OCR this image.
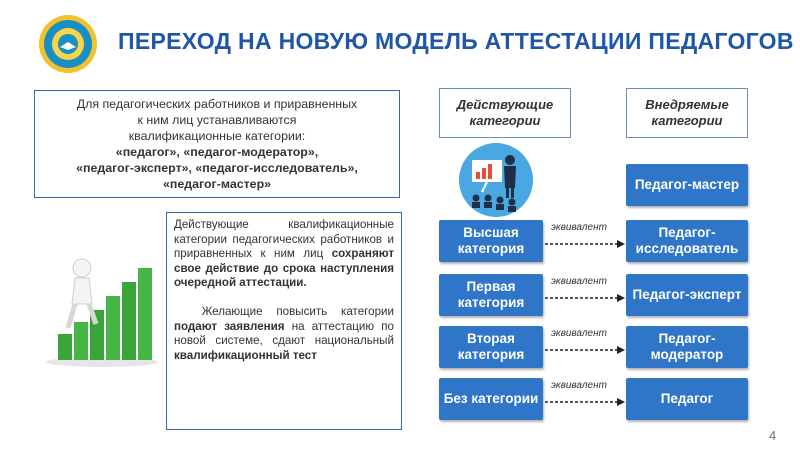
ПЕРЕХОД НА НОВУЮ МОДЕЛЬ АТТЕСТАЦИИ ПЕДАГОГОВ
Для педагогических работников и приравненных
к ним лиц устанавливаются
квалификационные категории:
«педагог», «педагог-модератор»,
«педагог-эксперт», «педагог-исследователь»,
«педагог-мастер»

Действующие квалификационные категории педагогических работников и приравненных к ним лиц сохраняют свое действие до срока наступления очередной аттестации.

Желающие повысить категории подают заявления на аттестацию по новой системе, сдают национальный квалификационный тест

Действующие категории
Внедряемые категории
Педагог-мастер
Педагог-исследователь
Педагог-эксперт
Педагог-модератор
Педагог
Высшая категория
Первая категория
Вторая категория
Без категории
эквивалент
эквивалент
эквивалент
эквивалент
4
